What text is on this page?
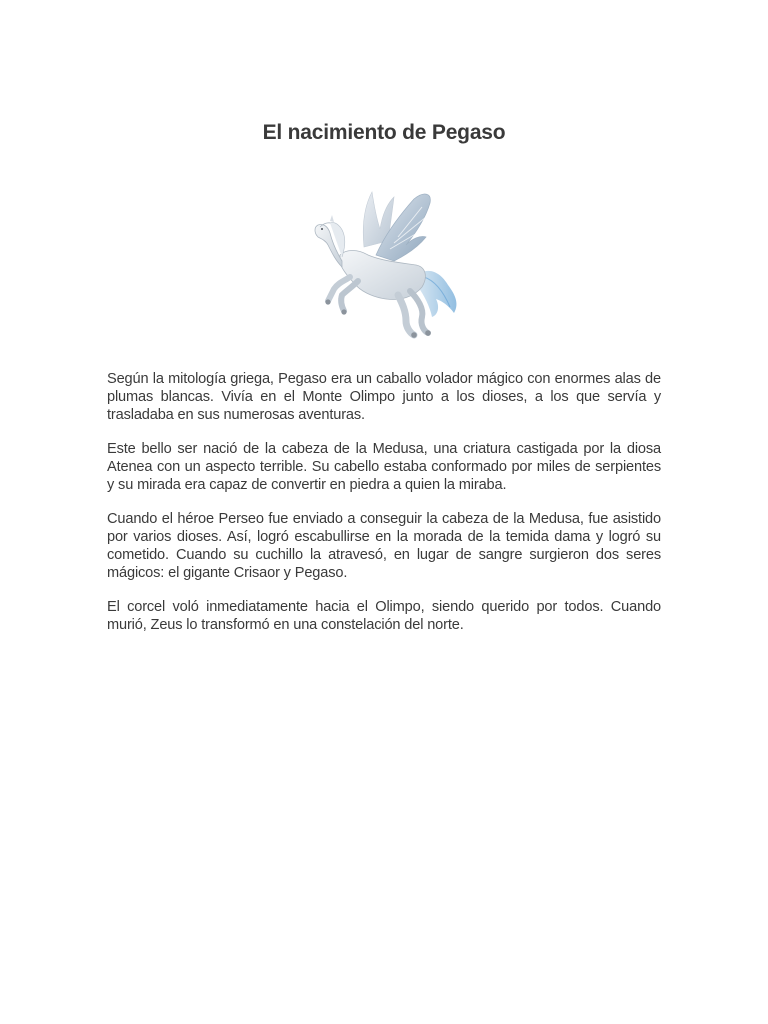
El nacimiento de Pegaso

Según la mitología griega, Pegaso era un caballo volador mágico con enormes alas de plumas blancas. Vivía en el Monte Olimpo junto a los dioses, a los que servía y trasladaba en sus numerosas aventuras.

Este bello ser nació de la cabeza de la Medusa, una criatura castigada por la diosa Atenea con un aspecto terrible. Su cabello estaba conformado por miles de serpientes y su mirada era capaz de convertir en piedra a quien la miraba.

Cuando el héroe Perseo fue enviado a conseguir la cabeza de la Medusa, fue asistido por varios dioses. Así, logró escabullirse en la morada de la temida dama y logró su cometido. Cuando su cuchillo la atravesó, en lugar de sangre surgieron dos seres mágicos: el gigante Crisaor y Pegaso.

El corcel voló inmediatamente hacia el Olimpo, siendo querido por todos. Cuando murió, Zeus lo transformó en una constelación del norte.
